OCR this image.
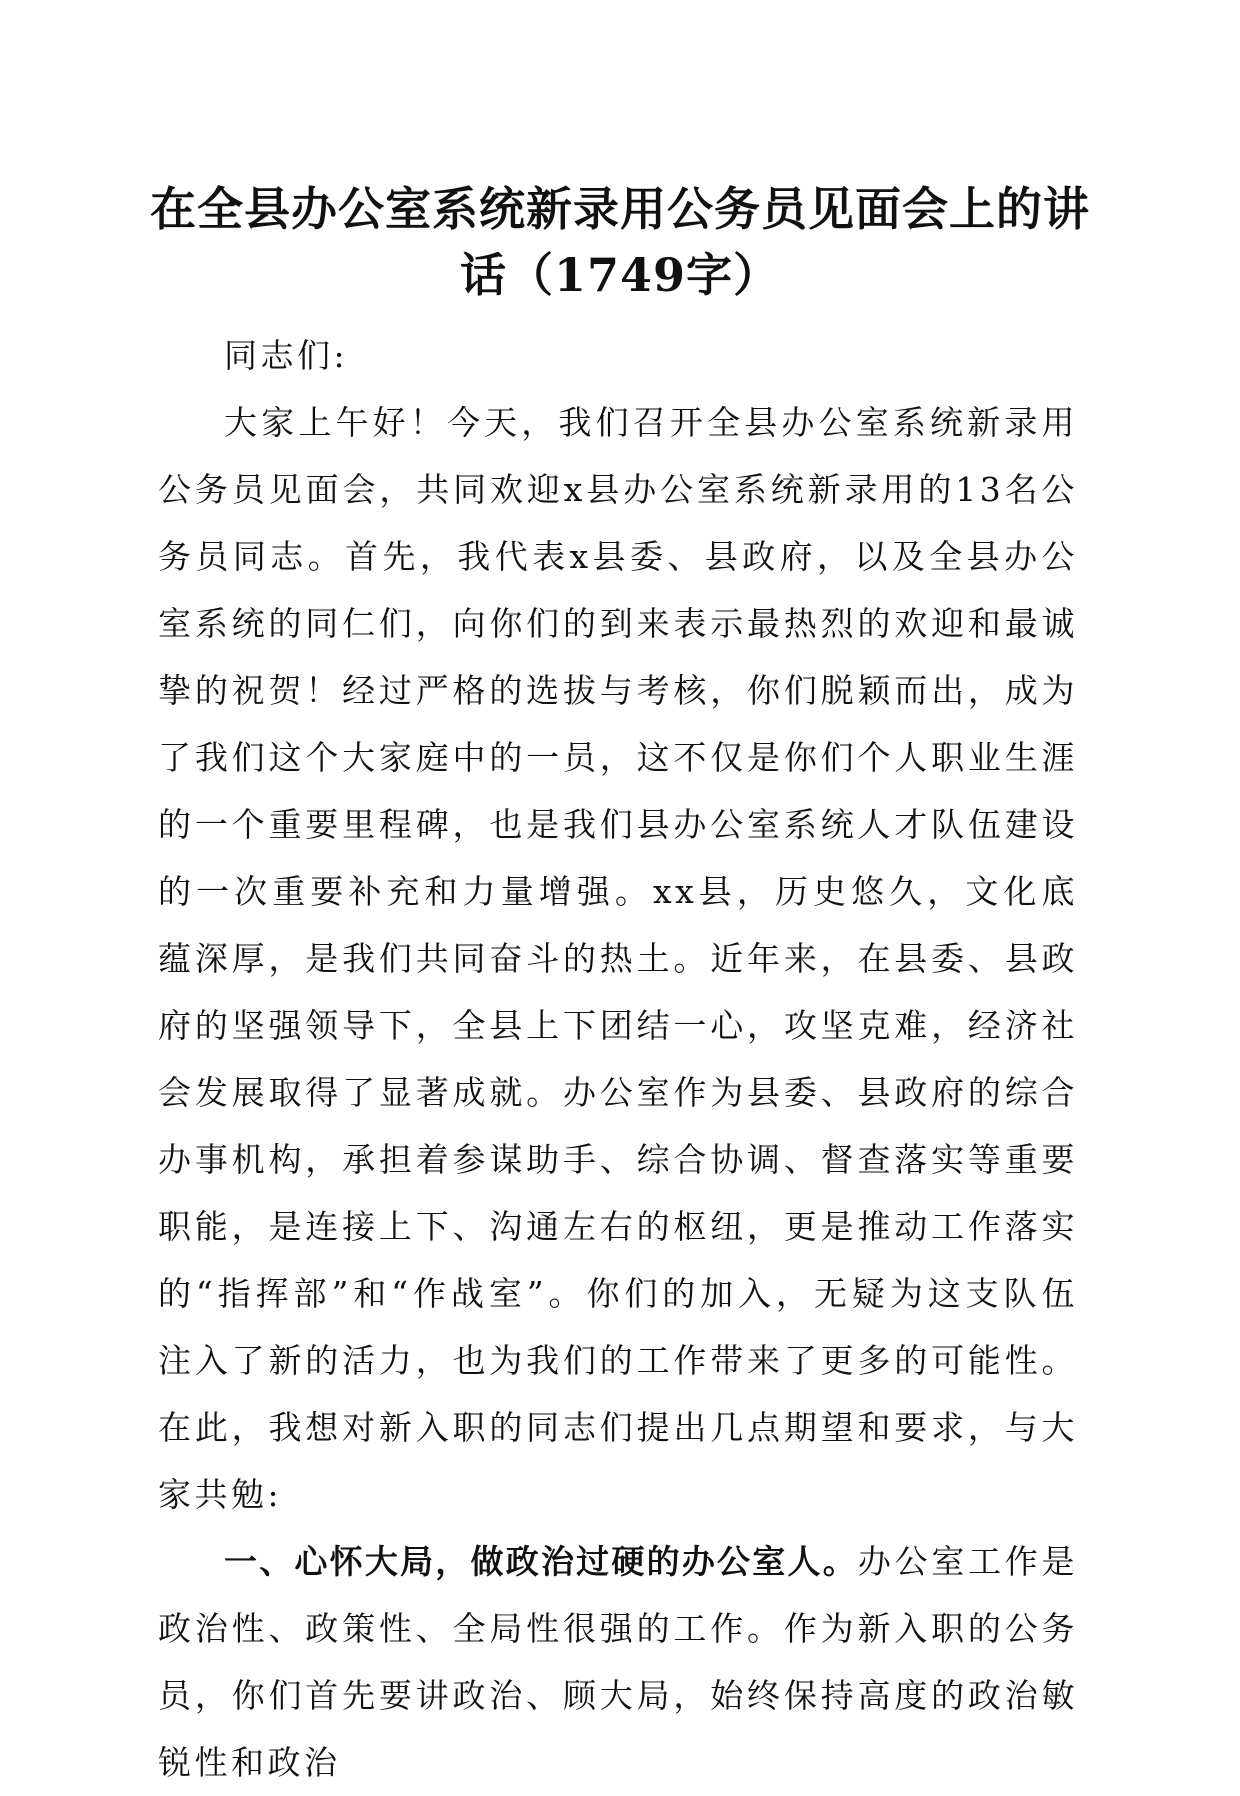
在全县办公室系统新录用公务员见面会上的讲话（1749字）

同志们:

大家上午好！今天，我们召开全县办公室系统新录用公务员见面会，共同欢迎x县办公室系统新录用的13名公务员同志。首先，我代表x县委、县政府，以及全县办公室系统的同仁们，向你们的到来表示最热烈的欢迎和最诚挚的祝贺！经过严格的选拔与考核，你们脱颖而出，成为了我们这个大家庭中的一员，这不仅是你们个人职业生涯的一个重要里程碑，也是我们县办公室系统人才队伍建设的一次重要补充和力量增强。xx县，历史悠久，文化底蕴深厚，是我们共同奋斗的热土。近年来，在县委、县政府的坚强领导下，全县上下团结一心，攻坚克难，经济社会发展取得了显著成就。办公室作为县委、县政府的综合办事机构，承担着参谋助手、综合协调、督查落实等重要职能，是连接上下、沟通左右的枢纽，更是推动工作落实的“指挥部”和“作战室”。你们的加入，无疑为这支队伍注入了新的活力，也为我们的工作带来了更多的可能性。在此，我想对新入职的同志们提出几点期望和要求，与大家共勉:

一、心怀大局，做政治过硬的办公室人。办公室工作是政治性、政策性、全局性很强的工作。作为新入职的公务员，你们首先要讲政治、顾大局，始终保持高度的政治敏锐性和政治
